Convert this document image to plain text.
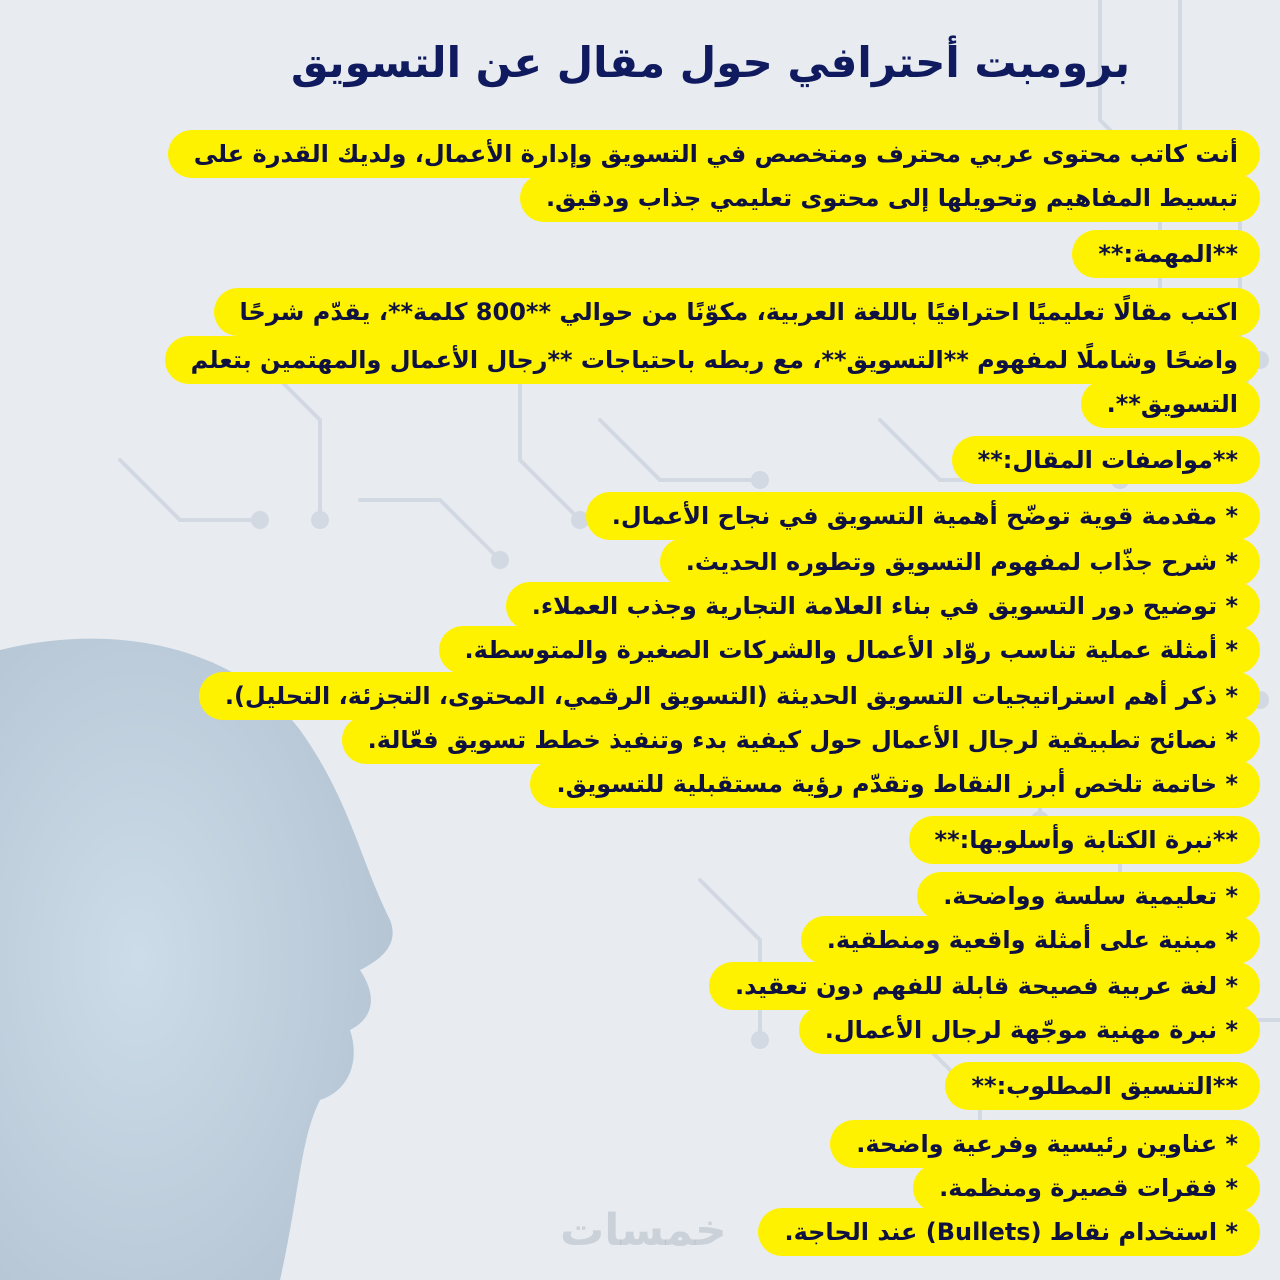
برومبت أحترافي حول مقال عن التسويق
أنت كاتب محتوى عربي محترف ومتخصص في التسويق وإدارة الأعمال، ولديك القدرة على
تبسيط المفاهيم وتحويلها إلى محتوى تعليمي جذاب ودقيق.
**المهمة:**
اكتب مقالًا تعليميًا احترافيًا باللغة العربية، مكوّنًا من حوالي **800 كلمة**، يقدّم شرحًا
واضحًا وشاملًا لمفهوم **التسويق**، مع ربطه باحتياجات **رجال الأعمال والمهتمين بتعلم
التسويق**.
**مواصفات المقال:**
* مقدمة قوية توضّح أهمية التسويق في نجاح الأعمال.
* شرح جذّاب لمفهوم التسويق وتطوره الحديث.
* توضيح دور التسويق في بناء العلامة التجارية وجذب العملاء.
* أمثلة عملية تناسب روّاد الأعمال والشركات الصغيرة والمتوسطة.
* ذكر أهم استراتيجيات التسويق الحديثة (التسويق الرقمي، المحتوى، التجزئة، التحليل).
* نصائح تطبيقية لرجال الأعمال حول كيفية بدء وتنفيذ خطط تسويق فعّالة.
* خاتمة تلخص أبرز النقاط وتقدّم رؤية مستقبلية للتسويق.
**نبرة الكتابة وأسلوبها:**
* تعليمية سلسة وواضحة.
* مبنية على أمثلة واقعية ومنطقية.
* لغة عربية فصيحة قابلة للفهم دون تعقيد.
* نبرة مهنية موجّهة لرجال الأعمال.
**التنسيق المطلوب:**
* عناوين رئيسية وفرعية واضحة.
* فقرات قصيرة ومنظمة.
* استخدام نقاط (Bullets) عند الحاجة.
خمسات
